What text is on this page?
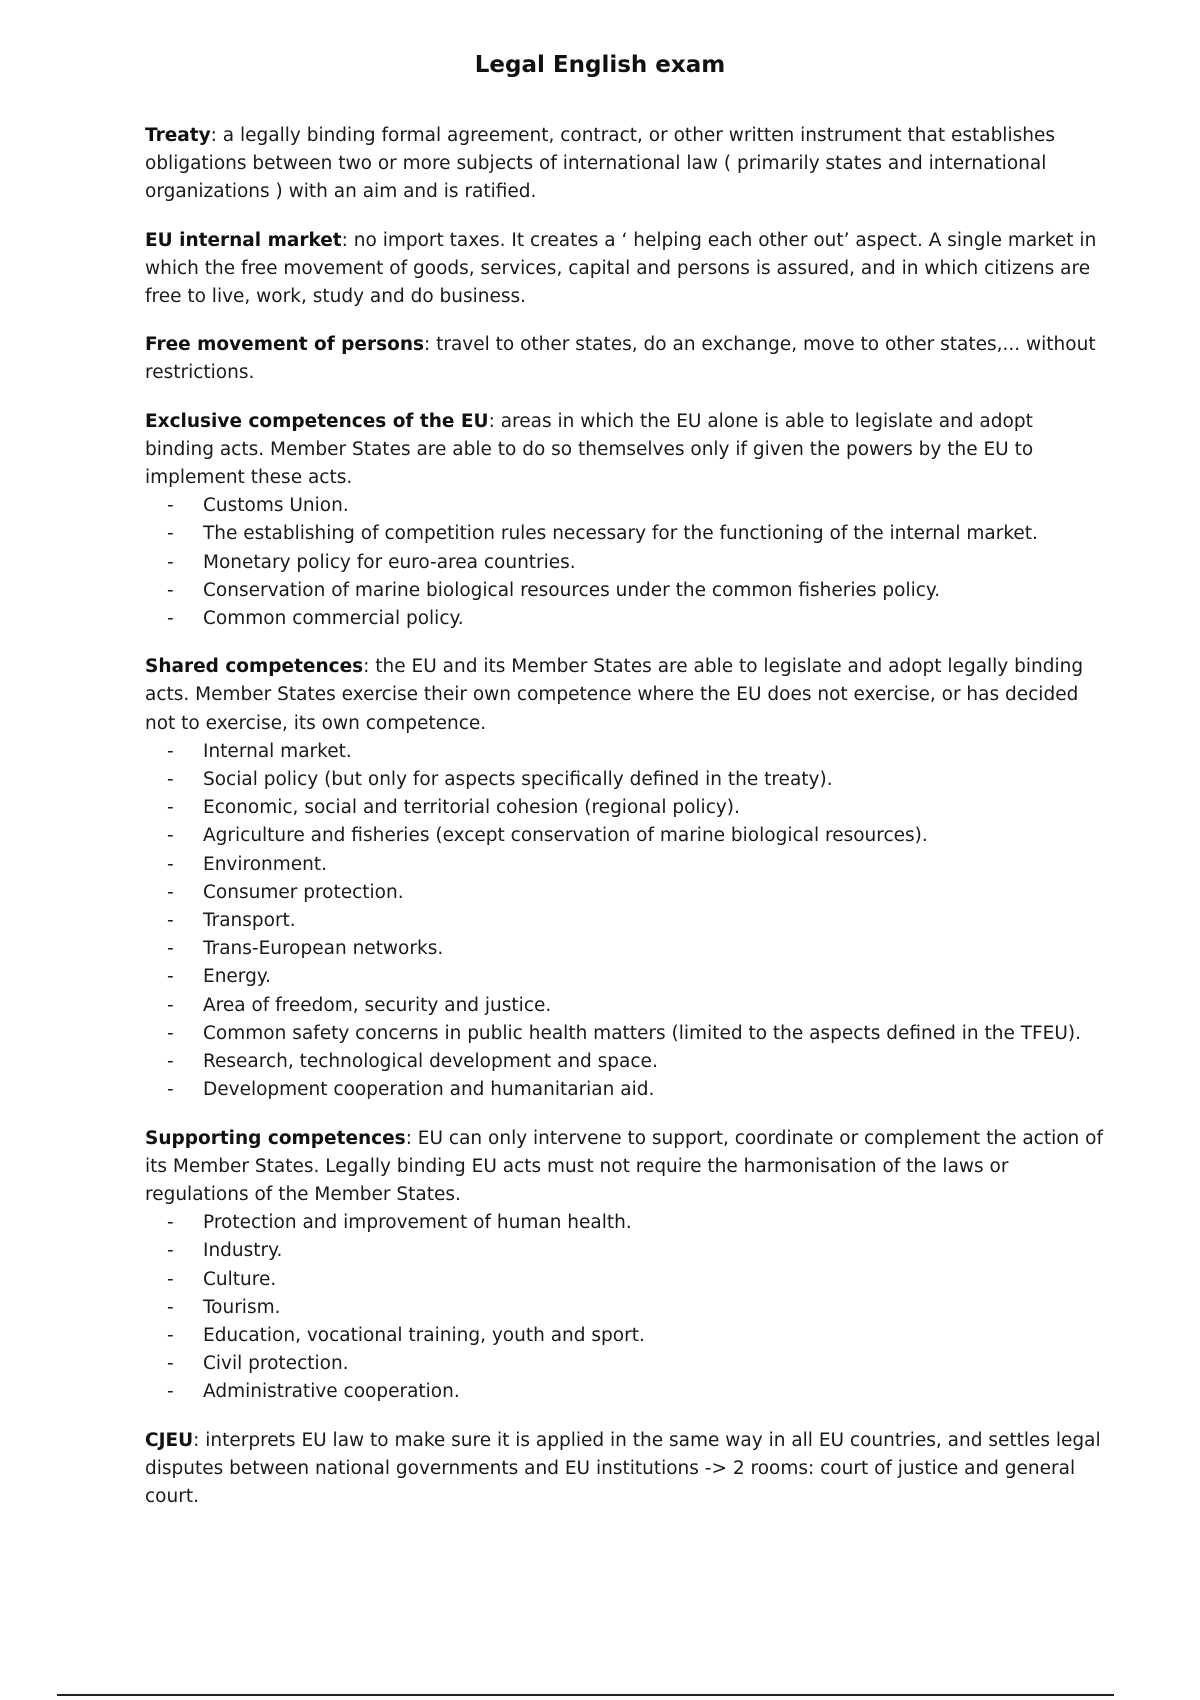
Legal English exam

Treaty: a legally binding formal agreement, contract, or other written instrument that establishes obligations between two or more subjects of international law ( primarily states and international organizations ) with an aim and is ratified.

EU internal market: no import taxes. It creates a ‘ helping each other out’ aspect. A single market in which the free movement of goods, services, capital and persons is assured, and in which citizens are free to live, work, study and do business.

Free movement of persons: travel to other states, do an exchange, move to other states,... without restrictions.

Exclusive competences of the EU: areas in which the EU alone is able to legislate and adopt binding acts. Member States are able to do so themselves only if given the powers by the EU to implement these acts.

- Customs Union.
- The establishing of competition rules necessary for the functioning of the internal market.
- Monetary policy for euro-area countries.
- Conservation of marine biological resources under the common fisheries policy.
- Common commercial policy.

Shared competences: the EU and its Member States are able to legislate and adopt legally binding acts. Member States exercise their own competence where the EU does not exercise, or has decided not to exercise, its own competence.

- Internal market.
- Social policy (but only for aspects specifically defined in the treaty).
- Economic, social and territorial cohesion (regional policy).
- Agriculture and fisheries (except conservation of marine biological resources).
- Environment.
- Consumer protection.
- Transport.
- Trans-European networks.
- Energy.
- Area of freedom, security and justice.
- Common safety concerns in public health matters (limited to the aspects defined in the TFEU).
- Research, technological development and space.
- Development cooperation and humanitarian aid.

Supporting competences: EU can only intervene to support, coordinate or complement the action of its Member States. Legally binding EU acts must not require the harmonisation of the laws or regulations of the Member States.

- Protection and improvement of human health.
- Industry.
- Culture.
- Tourism.
- Education, vocational training, youth and sport.
- Civil protection.
- Administrative cooperation.

CJEU: interprets EU law to make sure it is applied in the same way in all EU countries, and settles legal disputes between national governments and EU institutions -> 2 rooms: court of justice and general court.
